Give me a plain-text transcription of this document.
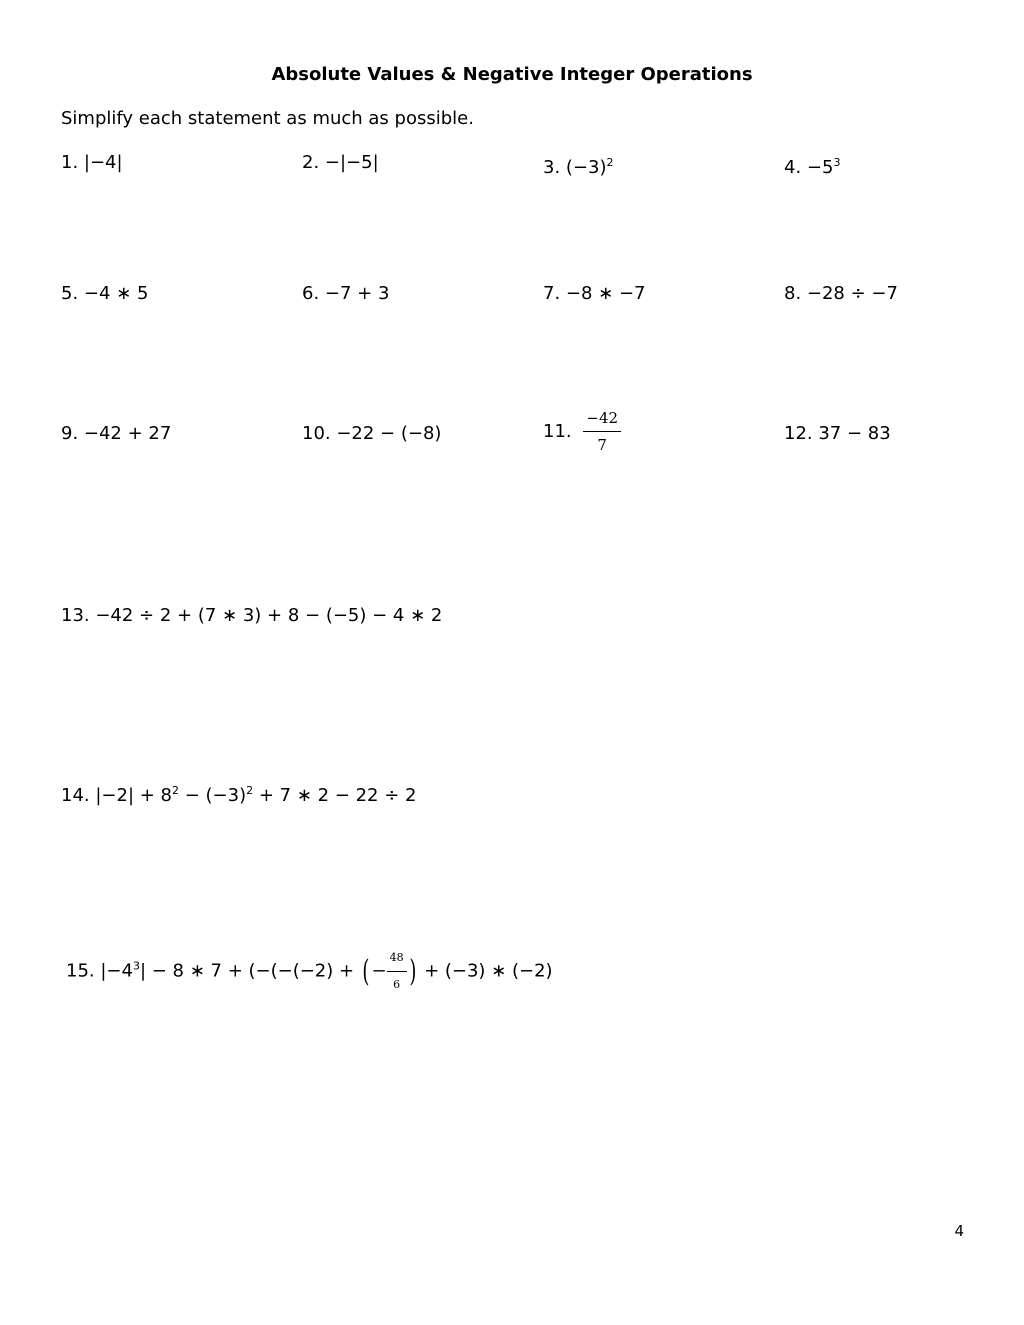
Absolute Values & Negative Integer Operations
Simplify each statement as much as possible.
1. |−4|	2. −|−5|	3. $(-3)^2$	4. $-5^3$
5. −4 ∗ 5	6. −7 + 3	7. −8 ∗ −7	8. −28 ÷ −7
9. −42 + 27	10. −22 − (−8)	11. $\frac{-42}{7}$	12. 37 − 83
13. −42 ÷ 2 + (7 ∗ 3) + 8 − (−5) − 4 ∗ 2
14. $|-2| + 8^2 - (-3)^2 + 7$ ∗ 2 − 22 ÷ 2
15. $|-4^3| - 8$ ∗ 7 + (−(−(−2) + ( − $\frac{48}{6}$ ) + (−3) ∗ (−2)
4
